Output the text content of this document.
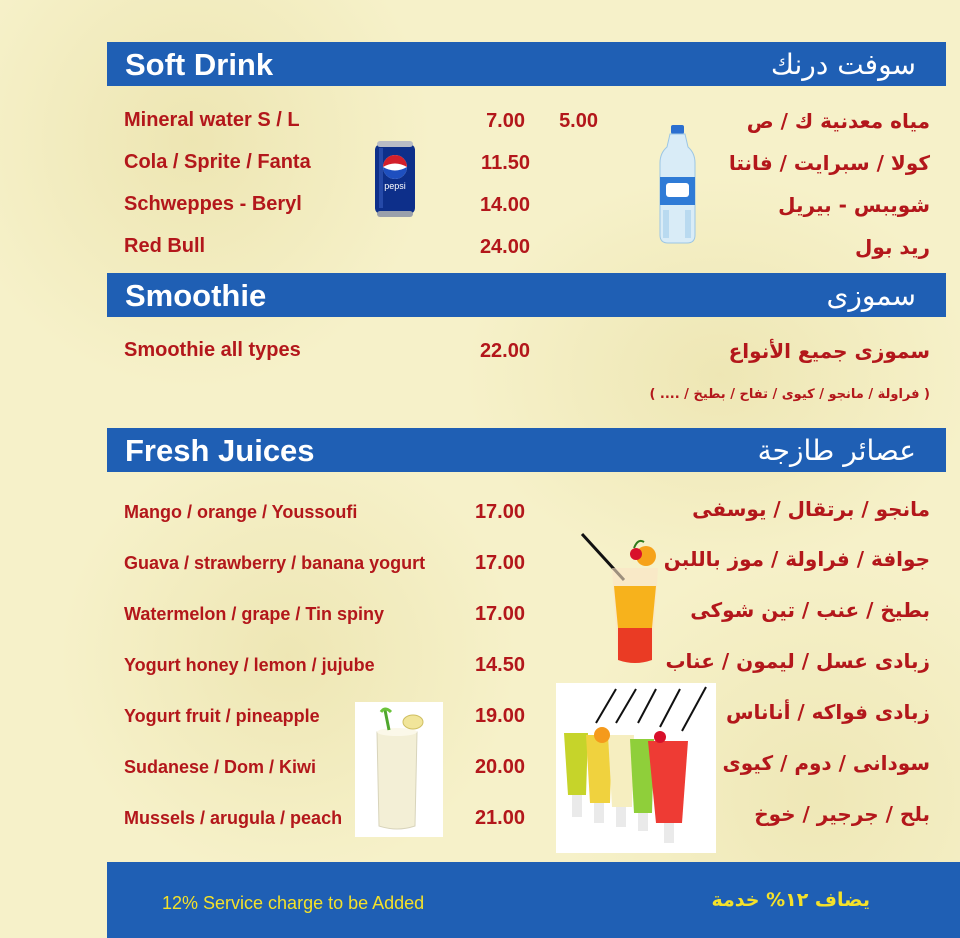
Soft Drink	سوفت درنك
Mineral water S / L	7.00	5.00	مياه معدنية ك / ص
Cola / Sprite / Fanta	11.50	كولا / سبرايت / فانتا
Schweppes - Beryl	14.00	شويبس - بيريل
Red Bull	24.00	ريد بول
pepsi
Smoothie	سموزى
Smoothie all types	22.00	سموزى جميع الأنواع
( فراولة / مانجو / كيوى / تفاح / بطيخ / .... )
Fresh Juices	عصائر طازجة
Mango / orange / Youssoufi	17.00	مانجو / برتقال / يوسفى
Guava / strawberry / banana yogurt	17.00	جوافة / فراولة / موز باللبن
Watermelon / grape / Tin spiny	17.00	بطيخ / عنب / تين شوكى
Yogurt honey / lemon / jujube	14.50	زبادى عسل / ليمون / عناب
Yogurt fruit / pineapple	19.00	زبادى فواكه / أناناس
Sudanese / Dom / Kiwi	20.00	سودانى / دوم / كيوى
Mussels / arugula / peach	21.00	بلح / جرجير / خوخ
12% Service charge to be Added	يضاف ١٢% خدمة
